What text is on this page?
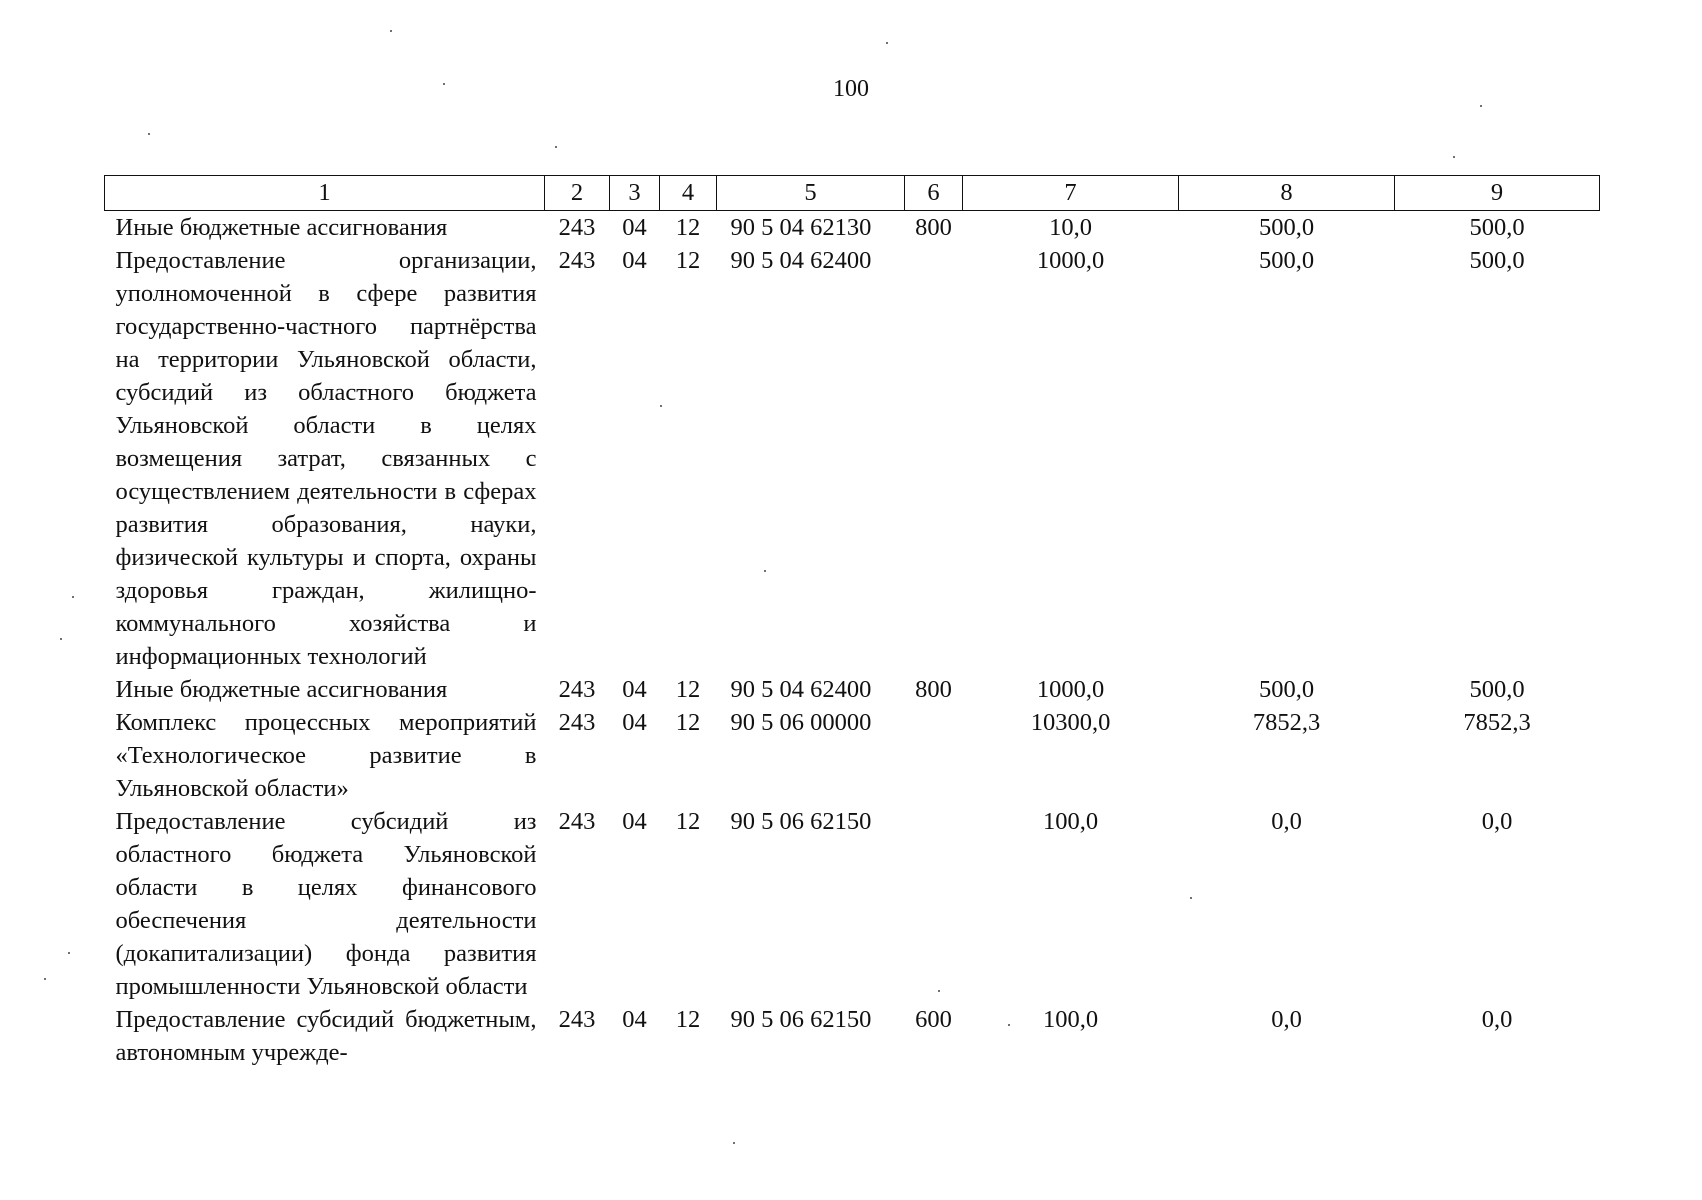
100
1	2	3	4	5	6	7	8	9
Иные бюджетные ассигнования	243	04	12	90 5 04 62130	800	10,0	500,0	500,0
Предоставление организации, уполномоченной в сфере развития государственно-частного партнёрства на территории Ульяновской области, субсидий из областного бюджета Ульяновской области в целях возмещения затрат, связанных с осуществлением деятельности в сферах развития образования, науки, физической культуры и спорта, охраны здоровья граждан, жилищно-коммунального хозяйства и информационных технологий	243	04	12	90 5 04 62400		1000,0	500,0	500,0
Иные бюджетные ассигнования	243	04	12	90 5 04 62400	800	1000,0	500,0	500,0
Комплекс процессных мероприятий «Технологическое развитие в Ульяновской области»	243	04	12	90 5 06 00000		10300,0	7852,3	7852,3
Предоставление субсидий из областного бюджета Ульяновской области в целях финансового обеспечения деятельности (докапитализации) фонда развития промышленности Ульяновской области	243	04	12	90 5 06 62150		100,0	0,0	0,0
Предоставление субсидий бюджетным, автономным учрежде-	243	04	12	90 5 06 62150	600	100,0	0,0	0,0
